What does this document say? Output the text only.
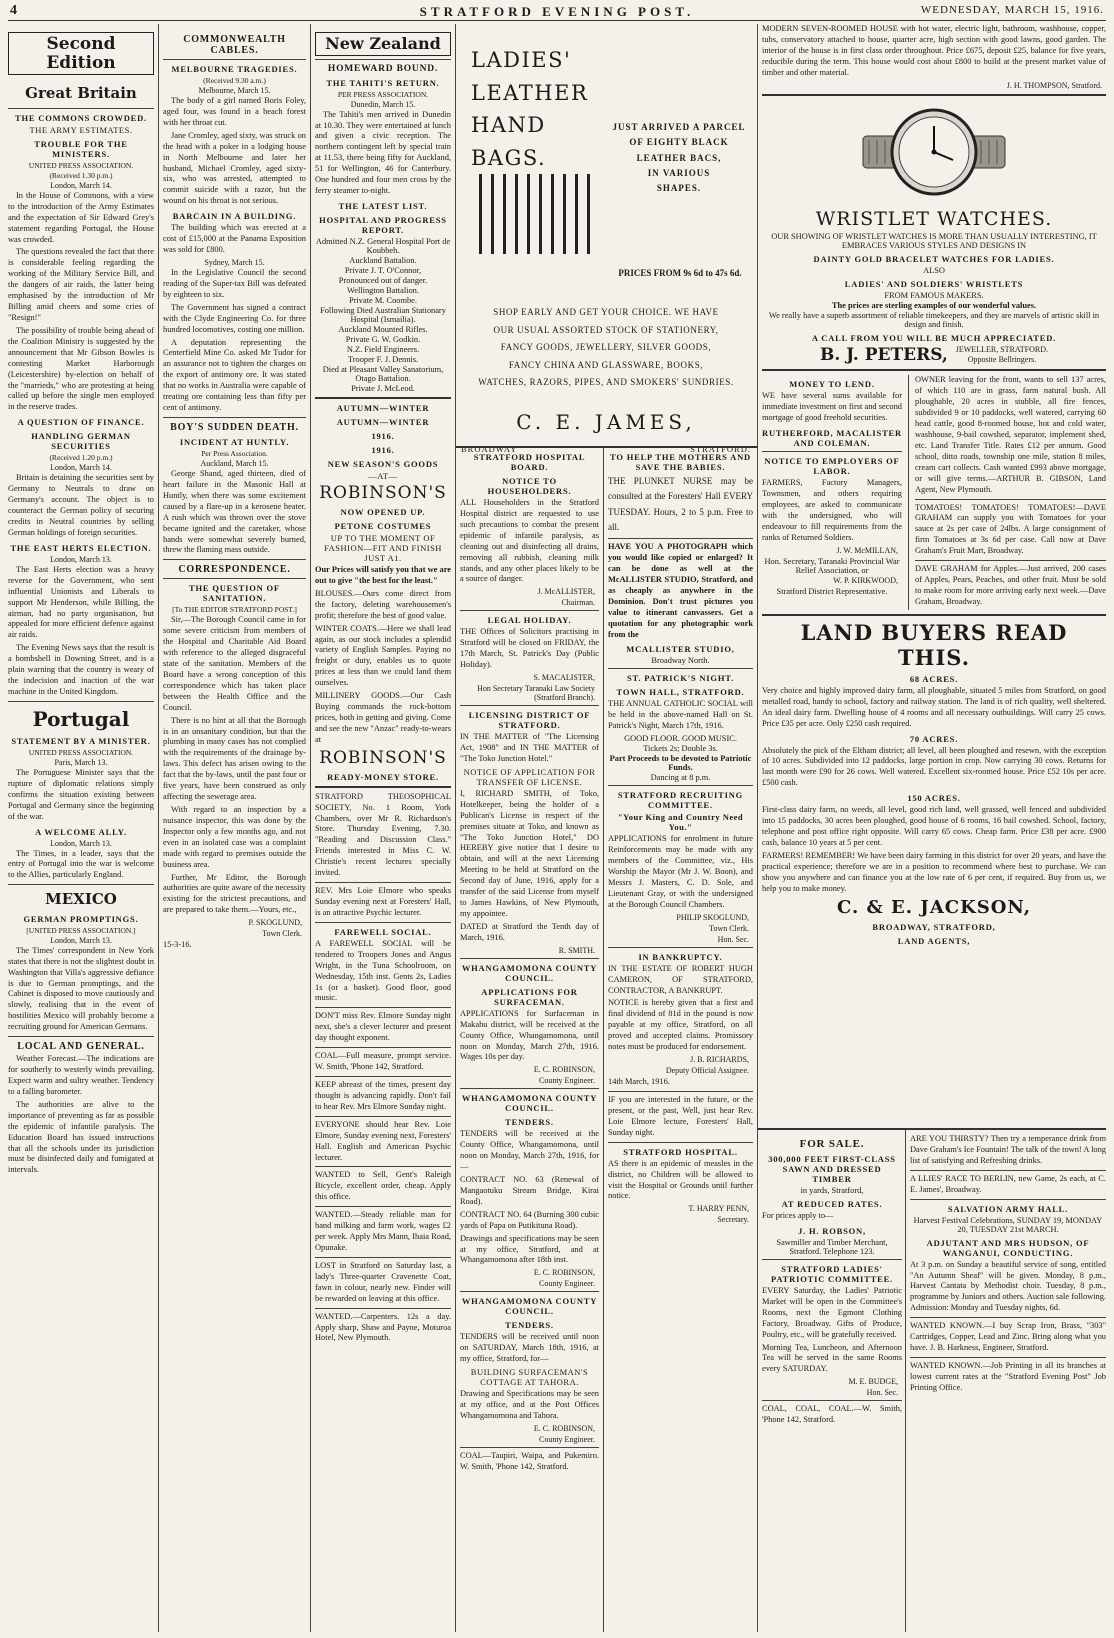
4	STRATFORD EVENING POST.	WEDNESDAY, MARCH 15, 1916.
Second Edition
Great Britain
THE COMMONS CROWDED.
THE ARMY ESTIMATES.
TROUBLE FOR THE MINISTERS.
UNITED PRESS ASSOCIATION.
(Received 1.30 p.m.)
London, March 14.

In the House of Commons, with a view to the introduction of the Army Estimates and the expectation of Sir Edward Grey's statement regarding Portugal, the House was crowded.

The questions revealed the fact that there is considerable feeling regarding the working of the Military Service Bill, and the dangers of air raids, the latter being emphasised by the introduction of Mr Billing amid cheers and some cries of "Resign!"

The possibility of trouble being ahead of the Coalition Ministry is suggested by the announcement that Mr Gibson Bowles is contesting Market Harborough (Leicestershire) by-election on behalf of the "marrieds," who are protesting at being called up before the single men employed in the reserve trades.

A QUESTION OF FINANCE.
HANDLING GERMAN SECURITIES
(Received 1.20 p.m.)
London, March 14.

Britain is detaining the securities sent by Germany to Neutrals to draw on Germany's account. The object is to counteract the German policy of securing credits in Neutral countries by selling German holdings of foreign securities.

THE EAST HERTS ELECTION.
London, March 13.

The East Herts election was a heavy reverse for the Government, who sent influential Unionists and Liberals to support Mr Henderson, while Billing, the airman, had no party organisation, but appealed for more efficient defence against air raids.

The Evening News says that the result is a bombshell in Downing Street, and is a plain warning that the country is weary of the indecision and inaction of the war machine in the United Kingdom.

Portugal
STATEMENT BY A MINISTER.
UNITED PRESS ASSOCIATION.
Paris, March 13.

The Portuguese Minister says that the rupture of diplomatic relations simply confirms the situation existing between Portugal and Germany since the beginning of the war.

A WELCOME ALLY.
London, March 13.

The Times, in a leader, says that the entry of Portugal into the war is welcome to the Allies, particularly England.

MEXICO
GERMAN PROMPTINGS.
[UNITED PRESS ASSOCIATION.]
London, March 13.

The Times' correspondent in New York states that there is not the slightest doubt in Washington that Villa's aggressive defiance is due to German promptings, and the Cabinet is disposed to move cautiously and slowly, realising that in the event of hostilities Mexico will probably become a recruiting ground for American Germans.

LOCAL AND GENERAL.

Weather Forecast.—The indications are for southerly to westerly winds prevailing. Expect warm and sultry weather. Tendency to a falling barometer.

The authorities are alive to the importance of preventing as far as possible the epidemic of infantile paralysis. The Education Board has issued instructions that all the schools under its jurisdiction must be disinfected daily and fumigated at intervals.

COMMONWEALTH CABLES.
MELBOURNE TRAGEDIES.
(Received 9.30 a.m.)
Melbourne, March 15.

The body of a girl named Boris Foley, aged four, was found in a beach forest with her throat cut.

Jane Cromley, aged sixty, was struck on the head with a poker in a lodging house in North Melbourne and later her husband, Michael Cromley, aged sixty-six, who was arrested, attempted to commit suicide with a razor, but the wound on his throat is not serious.

BARCAIN IN A BUILDING.

The building which was erected at a cost of £15,000 at the Panama Exposition was sold for £800.

Sydney, March 15.

In the Legislative Council the second reading of the Super-tax Bill was defeated by eighteen to six.

The Government has signed a contract with the Clyde Engineering Co. for three hundred locomotives, costing one million.

A deputation representing the Centerfield Mine Co. asked Mr Tudor for an assurance not to tighten the charges on the export of antimony ore. It was stated that no works in Australia were capable of treating ore containing less than fifty per cent of antimony.

BOY'S SUDDEN DEATH.
INCIDENT AT HUNTLY.
Per Press Association.
Auckland, March 15.

George Shand, aged thirteen, died of heart failure in the Masonic Hall at Huntly, when there was some excitement caused by a flare-up in a kerosene heater. A rush which was thrown over the stove became ignited and the caretaker, whose hands were somewhat severely burned, threw the flaming mass outside.

CORRESPONDENCE.
THE QUESTION OF SANITATION.
[To THE EDITOR STRATFORD POST.]

Sir,—The Borough Council came in for some severe criticism from members of the Hospital and Charitable Aid Board with reference to the alleged disgraceful state of the sanitation. Members of the Board have a wrong conception of this correspondence which has taken place between the Health Office and the Council.

There is no hint at all that the Borough is in an unsanitary condition, but that the plumbing in many cases has not complied with the requirements of the drainage by-laws. This defect has arisen owing to the fact that the by-laws, until the past four or five years, have been construed as only affecting the sewerage area.

With regard to an inspection by a nuisance inspector, this was done by the Inspector only a few months ago, and not even in an isolated case was a complaint made with regard to premises outside the business area.

Further, Mr Editor, the Borough authorities are quite aware of the necessity existing for the strictest precautions, and are prepared to take them.—Yours, etc.,

P. SKOGLUND,
Town Clerk.
15-3-16.
New Zealand
HOMEWARD BOUND.
THE TAHITI'S RETURN.
PER PRESS ASSOCIATION.
Dunedin, March 15.

The Tahiti's men arrived in Dunedin at 10.30. They were entertained at lunch and given a civic reception. The northern contingent left by special train at 11.53, there being fifty for Auckland, 51 for Wellington, 46 for Canterbury. One hundred and four men cross by the ferry steamer to-night.

THE LATEST LIST.
HOSPITAL AND PROGRESS REPORT.
Admitted N.Z. General Hospital Port de Koubbeh.
Auckland Battalion.
Private J. T. O'Connor,
Pronounced out of danger.
Wellington Battalion.
Private M. Coombe.
Following Died Australian Stationary Hospital (Ismailia).
Auckland Mounted Rifles.
Private G. W. Godkin.
N.Z. Field Engineers.
Trooper F. J. Dennis.
Died at Pleasant Valley Sanatorium, Otago Battalion.
Private J. McLeod.
AUTUMN—WINTER
AUTUMN—WINTER
1916.
1916.
NEW SEASON'S GOODS
—AT—
ROBINSON'S
NOW OPENED UP.
PETONE COSTUMES
UP TO THE MOMENT OF FASHION—FIT AND FINISH JUST A1.

Our Prices will satisfy you that we are out to give "the best for the least."

BLOUSES.—Ours come direct from the factory, deleting warehousemen's profit; therefore the best of good value.

WINTER COATS.—Here we shall lead again, as our stock includes a splendid variety of English Samples. Paying no freight or duty, enables us to quote prices at less than we could land them ourselves.

MILLINERY GOODS.—Our Cash Buying commands the rock-bottom prices, both in getting and giving. Come and see the new "Anzac" ready-to-wears at

ROBINSON'S
READY-MONEY STORE.

STRATFORD THEOSOPHICAL SOCIETY, No. 1 Room, York Chambers, over Mr R. Richardson's Store. Thursday Evening, 7.30. "Reading and Discussion Class." Friends interested in Miss C. W. Christie's recent lectures specially invited.

REV. Mrs Loie Elmore who speaks Sunday evening next at Foresters' Hall, is an attractive Psychic lecturer.

FAREWELL SOCIAL.

A FAREWELL SOCIAL will be tendered to Troopers Jones and Angus Wright, in the Tuna Schoolroom, on Wednesday, 15th inst. Gents 2s, Ladies 1s (or a basket). Good floor, good music.

DON'T miss Rev. Elmore Sunday night next, she's a clever lecturer and present day thought exponent.

COAL—Full measure, prompt service. W. Smith, 'Phone 142, Stratford.

KEEP abreast of the times, present day thought is advancing rapidly. Don't fail to hear Rev. Mrs Elmore Sunday night.

EVERYONE should hear Rev. Loie Elmore, Sunday evening next, Foresters' Hall. English and American Psychic lecturer.

WANTED to Sell, Gent's Raleigh Bicycle, excellent order, cheap. Apply this office.

WANTED.—Steady reliable man for hand milking and farm work, wages £2 per week. Apply Mrs Mann, Ihaia Road, Opunake.

LOST in Stratford on Saturday last, a lady's Three-quarter Cravenette Coat, fawn in colour, nearly new. Finder will be rewarded on leaving at this office.

WANTED.—Carpenters. 12s a day. Apply sharp, Shaw and Payne, Moturoa Hotel, New Plymouth.

LADIES'
LEATHER
HAND
BAGS.
JUST ARRIVED A PARCEL
OF EIGHTY BLACK
LEATHER BACS,
IN VARIOUS
SHAPES.
PRICES FROM 9s 6d to 47s 6d.
SHOP EARLY AND GET YOUR CHOICE. WE HAVE
OUR USUAL ASSORTED STOCK OF STATIONERY,
FANCY GOODS, JEWELLERY, SILVER GOODS,
FANCY CHINA AND GLASSWARE, BOOKS,
WATCHES, RAZORS, PIPES, AND SMOKERS' SUNDRIES.
C. E. JAMES,
BROADWAY	STRATFORD.
STRATFORD HOSPITAL BOARD.
NOTICE TO HOUSEHOLDERS.

ALL Householders in the Stratford Hospital district are requested to use such precautions to combat the present epidemic of infantile paralysis, as cleaning out and disinfecting all drains, removing all rubbish, cleaning milk stands, and any other places likely to be a source of danger.

J. McALLISTER,
Chairman.
LEGAL HOLIDAY.

THE Offices of Solicitors practising in Stratford will be closed on FRIDAY, the 17th March, St. Patrick's Day (Public Holiday).

S. MACALISTER,
Hon Secretary Taranaki Law Society (Stratford Branch).
LICENSING DISTRICT OF STRATFORD.

IN THE MATTER of "The Licensing Act, 1908" and IN THE MATTER of "The Toko Junction Hotel."

NOTICE OF APPLICATION FOR TRANSFER OF LICENSE.

I, RICHARD SMITH, of Toko, Hotelkeeper, being the holder of a Publican's License in respect of the premises situate at Toko, and known as "The Toko Junction Hotel," DO HEREBY give notice that I desire to obtain, and will at the next Licensing Meeting to be held at Stratford on the Second day of June, 1916, apply for a transfer of the said License from myself to James Hawkins, of New Plymouth, my appointee.

DATED at Stratford the Tenth day of March, 1916.

R. SMITH.
WHANGAMOMONA COUNTY COUNCIL.
APPLICATIONS FOR SURFACEMAN.

APPLICATIONS for Surfaceman in Makahu district, will be received at the County Office, Whangamomona, until noon on Monday, March 27th, 1916. Wages 10s per day.

E. C. ROBINSON,
County Engineer.
WHANGAMOMONA COUNTY COUNCIL.
TENDERS.

TENDERS will be received at the County Office, Whangamomona, until noon on Monday, March 27th, 1916, for—

CONTRACT NO. 63 (Renewal of Mangaotuku Stream Bridge, Kirai Road).

CONTRACT NO. 64 (Burning 300 cubic yards of Papa on Putikituna Road).

Drawings and specifications may be seen at my office, Stratford, and at Whangamomona after 18th inst.

E. C. ROBINSON,
County Engineer.
WHANGAMOMONA COUNTY COUNCIL.
TENDERS.

TENDERS will be received until noon on SATURDAY, March 18th, 1916, at my office, Stratford, for—

BUILDING SURFACEMAN'S COTTAGE AT TAHORA.

Drawing and Specifications may be seen at my office, and at the Post Offices Whangamomona and Tahora.

E. C. ROBINSON,
County Engineer.

COAL—Taupiri, Waipa, and Pukemiro. W. Smith, 'Phone 142, Stratford.

TO HELP THE MOTHERS AND SAVE THE BABIES.

THE PLUNKET NURSE may be consulted at the Foresters' Hall EVERY TUESDAY. Hours, 2 to 5 p.m. Free to all.

HAVE YOU A PHOTOGRAPH which you would like copied or enlarged? It can be done as well at the McALLISTER STUDIO, Stratford, and as cheaply as anywhere in the Dominion. Don't trust pictures you value to itinerant canvassers. Get a quotation for any photographic work from the

MCALLISTER STUDIO,
Broadway North.
ST. PATRICK'S NIGHT.
TOWN HALL, STRATFORD.

THE ANNUAL CATHOLIC SOCIAL will be held in the above-named Hall on St. Patrick's Night, March 17th, 1916.

GOOD FLOOR. GOOD MUSIC.
Tickets 2s; Double 3s.
Part Proceeds to be devoted to Patriotic Funds.
Dancing at 8 p.m.
STRATFORD RECRUITING COMMITTEE.
"Your King and Country Need You."

APPLICATIONS for enrolment in future Reinforcements may be made with any members of the Committee, viz., His Worship the Mayor (Mr J. W. Boon), and Messrs J. Masters, C. D. Sole, and Lieutenant Gray, or with the undersigned at the Borough Council Chambers.

PHILIP SKOGLUND,
Town Clerk.
Hon. Sec.
IN BANKRUPTCY.

IN THE ESTATE OF ROBERT HUGH CAMERON, OF STRATFORD, CONTRACTOR, A BANKRUPT.

NOTICE is hereby given that a first and final dividend of 81d in the pound is now payable at my office, Stratford, on all proved and accepted claims. Promissory notes must be produced for endorsement.

J. B. RICHARDS,
Deputy Official Assignee.
14th March, 1916.

IF you are interested in the future, or the present, or the past, Well, just hear Rev. Loie Elmore lecture, Foresters' Hall, Sunday night.

STRATFORD HOSPITAL.

AS there is an epidemic of measles in the district, no Children will be allowed to visit the Hospital or Grounds until further notice.

T. HARRY PENN,
Secretary.

MODERN SEVEN-ROOMED HOUSE with hot water, electric light, bathroom, washhouse, copper, tubs, conservatory attached to house, quarter acre, high section with good lawns, good garden. The interior of the house is in first class order throughout. Price £675, deposit £25, balance for five years, reducible during the term. This house would cost about £800 to build at the present market value of timber and other material.

J. H. THOMPSON, Stratford.
WRISTLET WATCHES.
OUR SHOWING OF WRISTLET WATCHES IS MORE THAN USUALLY INTERESTING, IT EMBRACES VARIOUS STYLES AND DESIGNS IN
DAINTY GOLD BRACELET WATCHES FOR LADIES.
ALSO
LADIES' AND SOLDIERS' WRISTLETS
FROM FAMOUS MAKERS.
The prices are sterling examples of our wonderful values.
We really have a superb assortment of reliable timekeepers, and they are marvels of artistic skill in design and finish.
A CALL FROM YOU WILL BE MUCH APPRECIATED.
B. J. PETERS, JEWELLER, STRATFORD.
Opposite Bellringers.
MONEY TO LEND.

WE have several sums available for immediate investment on first and second mortgage of good freehold securities.

RUTHERFORD, MACALISTER AND COLEMAN.
NOTICE TO EMPLOYERS OF LABOR.

FARMERS, Factory Managers, Townsmen, and others requiring employees, are asked to communicate with the undersigned, who will endeavour to fill requirements from the ranks of Returned Soldiers.

J. W. McMILLAN,
Hon. Secretary, Taranaki Provincial War Relief Association, or
W. P. KIRKWOOD,
Stratford District Representative.

OWNER leaving for the front, wants to sell 137 acres, of which 110 are in grass, farm natural bush. All ploughable, 20 acres in stubble, all fire fences, subdivided 9 or 10 paddocks, well watered, carrying 60 head cattle, good 8-roomed house, hot and cold water, washhouse, 9-bail cowshed, separator, implement shed, etc. Land Transfer Title. Rates £12 per annum. Good school, ditto roads, township one mile, station 8 miles, cream cart collects. Cash wanted £993 above mortgage, or will give terms.—ARTHUR B. GIBSON, Land Agent, New Plymouth.

TOMATOES! TOMATOES! TOMATOES!—DAVE GRAHAM can supply you with Tomatoes for your sauce at 2s per case of 24lbs. A large consignment of firm Tomatoes at 3s 6d per case. Call now at Dave Graham's Fruit Mart, Broadway.

DAVE GRAHAM for Apples.—Just arrived, 200 cases of Apples, Pears, Peaches, and other fruit. Must be sold to make room for more arriving early next week.—Dave Graham, Broadway.

LAND BUYERS READ THIS.
68 ACRES.

Very choice and highly improved dairy farm, all ploughable, situated 5 miles from Stratford, on good metalled road, handy to school, factory and railway station. The land is of rich quality, well sheltered. An ideal dairy farm. Dwelling house of 4 rooms and all necessary outbuildings. Will carry 25 cows. Price £35 per acre. Only £250 cash required.

70 ACRES.

Absolutely the pick of the Eltham district; all level, all been ploughed and resewn, with the exception of 10 acres. Subdivided into 12 paddocks, large portion in crop. Now carrying 30 cows. Returns for last month were £90 for 26 cows. Well watered. Excellent six-roomed house. Price £52 10s per acre. £500 cash.

150 ACRES.

First-class dairy farm, no weeds, all level, good rich land, well grassed, well fenced and subdivided into 15 paddocks, 30 acres been ploughed, good house of 6 rooms, 16 bail cowshed. School, factory, telephone and post office right opposite. Will carry 65 cows. Cheap farm. Price £38 per acre. £900 cash, balance 10 years at 5 per cent.

FARMERS! REMEMBER! We have been dairy farming in this district for over 20 years, and have the practical experience; therefore we are in a position to recommend where best to purchase. We can show you anywhere and can finance you at the low rate of 6 per cent, if required. Buy from us, we help you to make money.

C. & E. JACKSON,
BROADWAY, STRATFORD,
LAND AGENTS,
FOR SALE.
300,000 FEET FIRST-CLASS SAWN AND DRESSED TIMBER
in yards, Stratford,
AT REDUCED RATES.
For prices apply to—
J. H. ROBSON,
Sawmiller and Timber Merchant, Stratford. Telephone 123.
STRATFORD LADIES' PATRIOTIC COMMITTEE.

EVERY Saturday, the Ladies' Patriotic Market will be open in the Committee's Rooms, next the Egmont Clothing Factory, Broadway. Gifts of Produce, Poultry, etc., will be gratefully received.

Morning Tea, Luncheon, and Afternoon Tea will be served in the same Rooms every SATURDAY.

M. E. BUDGE,
Hon. Sec.

COAL, COAL, COAL.—W. Smith, 'Phone 142, Stratford.

ARE YOU THIRSTY? Then try a temperance drink from Dave Graham's Ice Fountain! The talk of the town! A long list of satisfying and Refreshing drinks.

A LLIES' RACE TO BERLIN, new Game, 2s each, at C. E. James', Broadway.

SALVATION ARMY HALL.
Harvest Festival Celebrations, SUNDAY 19, MONDAY 20, TUESDAY 21st MARCH.
ADJUTANT AND MRS HUDSON, OF WANGANUI, CONDUCTING.

At 3 p.m. on Sunday a beautiful service of song, entitled "An Autumn Sheaf" will be given. Monday, 8 p.m., Harvest Cantata by Methodist choir. Tuesday, 8 p.m., programme by Juniors and others. Auction sale following. Admission: Monday and Tuesday nights, 6d.

WANTED KNOWN.—I buy Scrap Iron, Brass, "303" Cartridges, Copper, Lead and Zinc. Bring along what you have. J. B. Harkness, Engineer, Stratford.

WANTED KNOWN.—Job Printing in all its branches at lowest current rates at the "Stratford Evening Post" Job Printing Office.
